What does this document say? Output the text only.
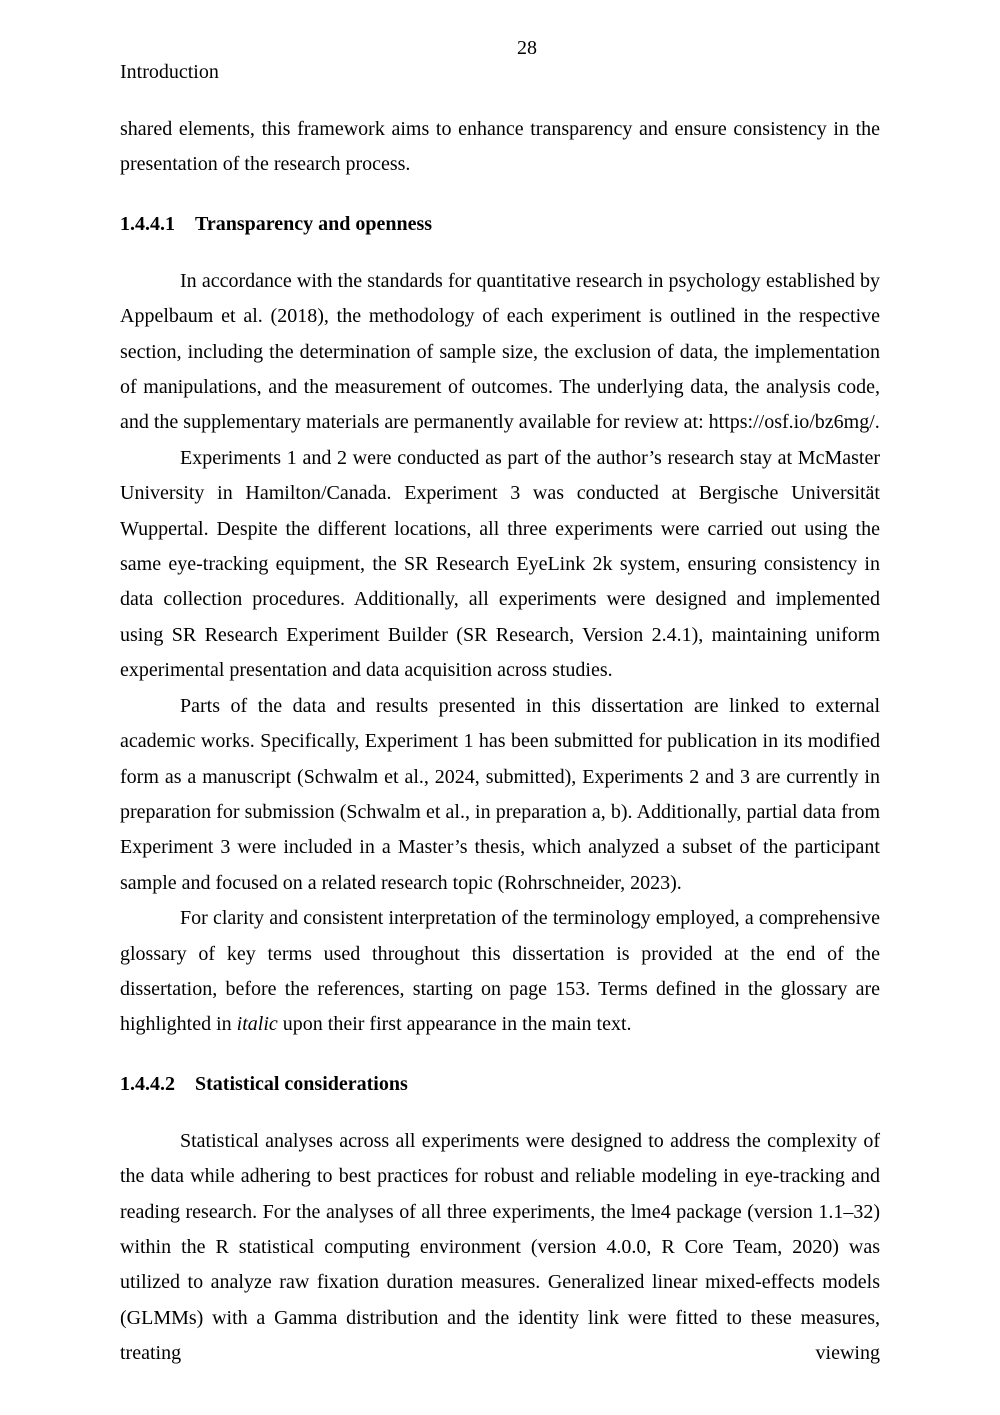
28
Introduction

shared elements, this framework aims to enhance transparency and ensure consistency in the presentation of the research process.

1.4.4.1 Transparency and openness

In accordance with the standards for quantitative research in psychology established by Appelbaum et al. (2018), the methodology of each experiment is outlined in the respective section, including the determination of sample size, the exclusion of data, the implementation of manipulations, and the measurement of outcomes. The underlying data, the analysis code, and the supplementary materials are permanently available for review at: https://osf.io/bz6mg/.

Experiments 1 and 2 were conducted as part of the author’s research stay at McMaster University in Hamilton/Canada. Experiment 3 was conducted at Bergische Universität Wuppertal. Despite the different locations, all three experiments were carried out using the same eye-tracking equipment, the SR Research EyeLink 2k system, ensuring consistency in data collection procedures. Additionally, all experiments were designed and implemented using SR Research Experiment Builder (SR Research, Version 2.4.1), maintaining uniform experimental presentation and data acquisition across studies.

Parts of the data and results presented in this dissertation are linked to external academic works. Specifically, Experiment 1 has been submitted for publication in its modified form as a manuscript (Schwalm et al., 2024, submitted), Experiments 2 and 3 are currently in preparation for submission (Schwalm et al., in preparation a, b). Additionally, partial data from Experiment 3 were included in a Master’s thesis, which analyzed a subset of the participant sample and focused on a related research topic (Rohrschneider, 2023).

For clarity and consistent interpretation of the terminology employed, a comprehensive glossary of key terms used throughout this dissertation is provided at the end of the dissertation, before the references, starting on page 153. Terms defined in the glossary are highlighted in italic upon their first appearance in the main text.

1.4.4.2 Statistical considerations

Statistical analyses across all experiments were designed to address the complexity of the data while adhering to best practices for robust and reliable modeling in eye-tracking and reading research. For the analyses of all three experiments, the lme4 package (version 1.1–32) within the R statistical computing environment (version 4.0.0, R Core Team, 2020) was utilized to analyze raw fixation duration measures. Generalized linear mixed-effects models (GLMMs) with a Gamma distribution and the identity link were fitted to these measures, treating viewing
